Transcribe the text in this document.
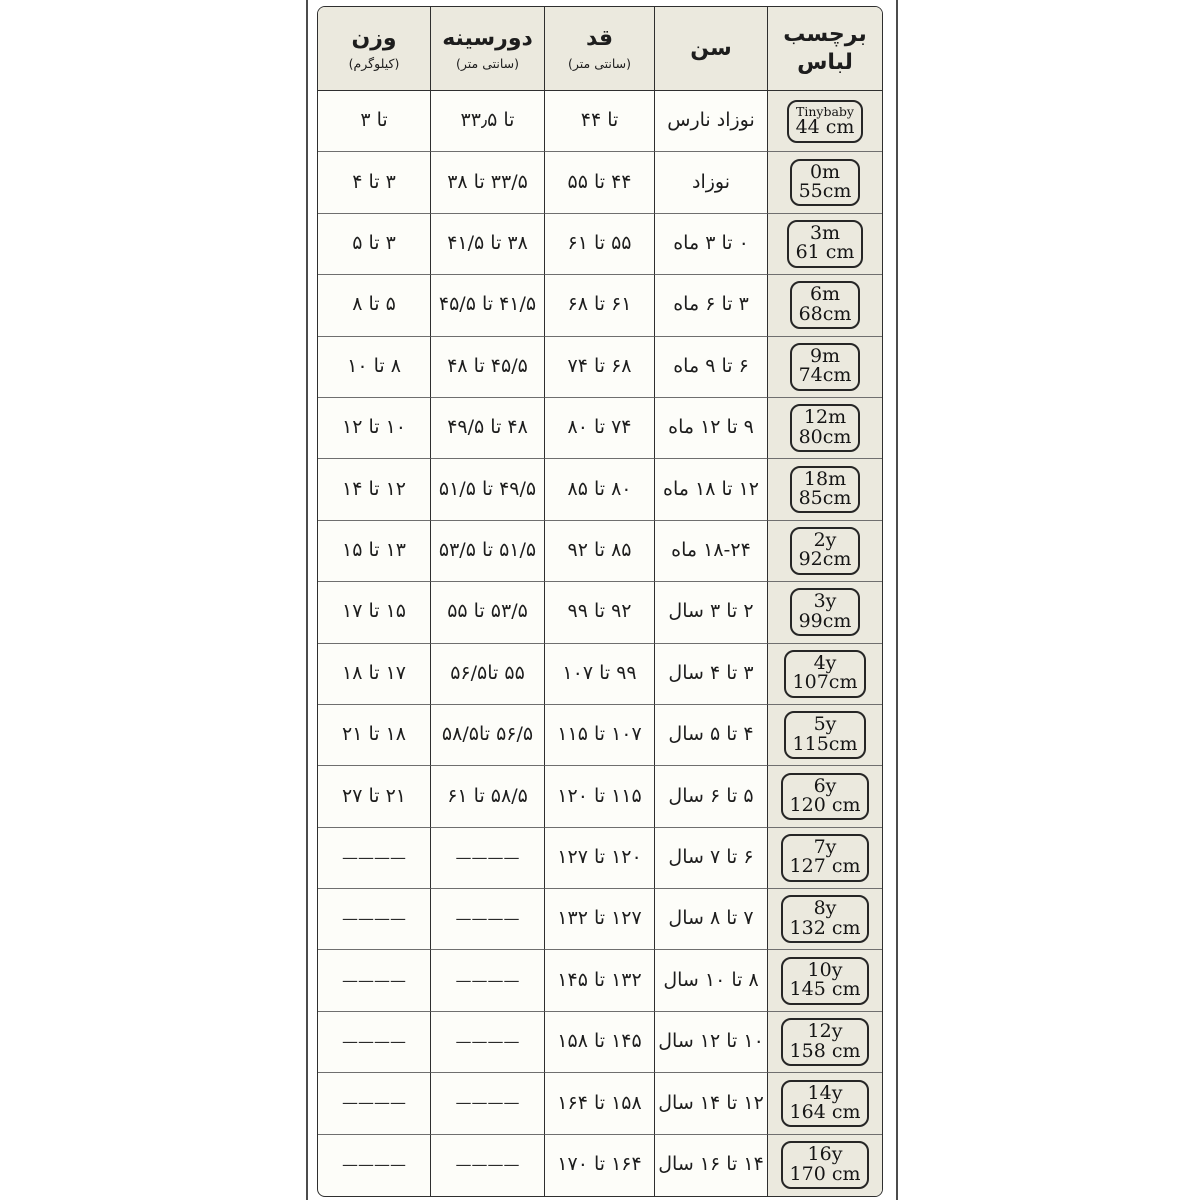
برچسب لباس
سن
قد
(سانتی متر)
دورسینه
(سانتی متر)
وزن
(کیلوگرم)
Tinybaby
44 cm
نوزاد نارس
تا ۴۴
تا ۳۳٫۵
تا ۳
0m
55cm
نوزاد
۴۴ تا ۵۵
۳۳/۵ تا ۳۸
۳ تا ۴
3m
61 cm
۰ تا ۳ ماه
۵۵ تا ۶۱
۳۸ تا ۴۱/۵
۳ تا ۵
6m
68cm
۳ تا ۶ ماه
۶۱ تا ۶۸
۴۱/۵ تا ۴۵/۵
۵ تا ۸
9m
74cm
۶ تا ۹ ماه
۶۸ تا ۷۴
۴۵/۵ تا ۴۸
۸ تا ۱۰
12m
80cm
۹ تا ۱۲ ماه
۷۴ تا ۸۰
۴۸ تا ۴۹/۵
۱۰ تا ۱۲
18m
85cm
۱۲ تا ۱۸ ماه
۸۰ تا ۸۵
۴۹/۵ تا ۵۱/۵
۱۲ تا ۱۴
2y
92cm
۱۸-۲۴ ماه
۸۵ تا ۹۲
۵۱/۵ تا ۵۳/۵
۱۳ تا ۱۵
3y
99cm
۲ تا ۳ سال
۹۲ تا ۹۹
۵۳/۵ تا ۵۵
۱۵ تا ۱۷
4y
107cm
۳ تا ۴ سال
۹۹ تا ۱۰۷
۵۵ تا۵۶/۵
۱۷ تا ۱۸
5y
115cm
۴ تا ۵ سال
۱۰۷ تا ۱۱۵
۵۶/۵ تا۵۸/۵
۱۸ تا ۲۱
6y
120 cm
۵ تا ۶ سال
۱۱۵ تا ۱۲۰
۵۸/۵ تا ۶۱
۲۱ تا ۲۷
7y
127 cm
۶ تا ۷ سال
۱۲۰ تا ۱۲۷
————
————
8y
132 cm
۷ تا ۸ سال
۱۲۷ تا ۱۳۲
————
————
10y
145 cm
۸ تا ۱۰ سال
۱۳۲ تا ۱۴۵
————
————
12y
158 cm
۱۰ تا ۱۲ سال
۱۴۵ تا ۱۵۸
————
————
14y
164 cm
۱۲ تا ۱۴ سال
۱۵۸ تا ۱۶۴
————
————
16y
170 cm
۱۴ تا ۱۶ سال
۱۶۴ تا ۱۷۰
————
————
